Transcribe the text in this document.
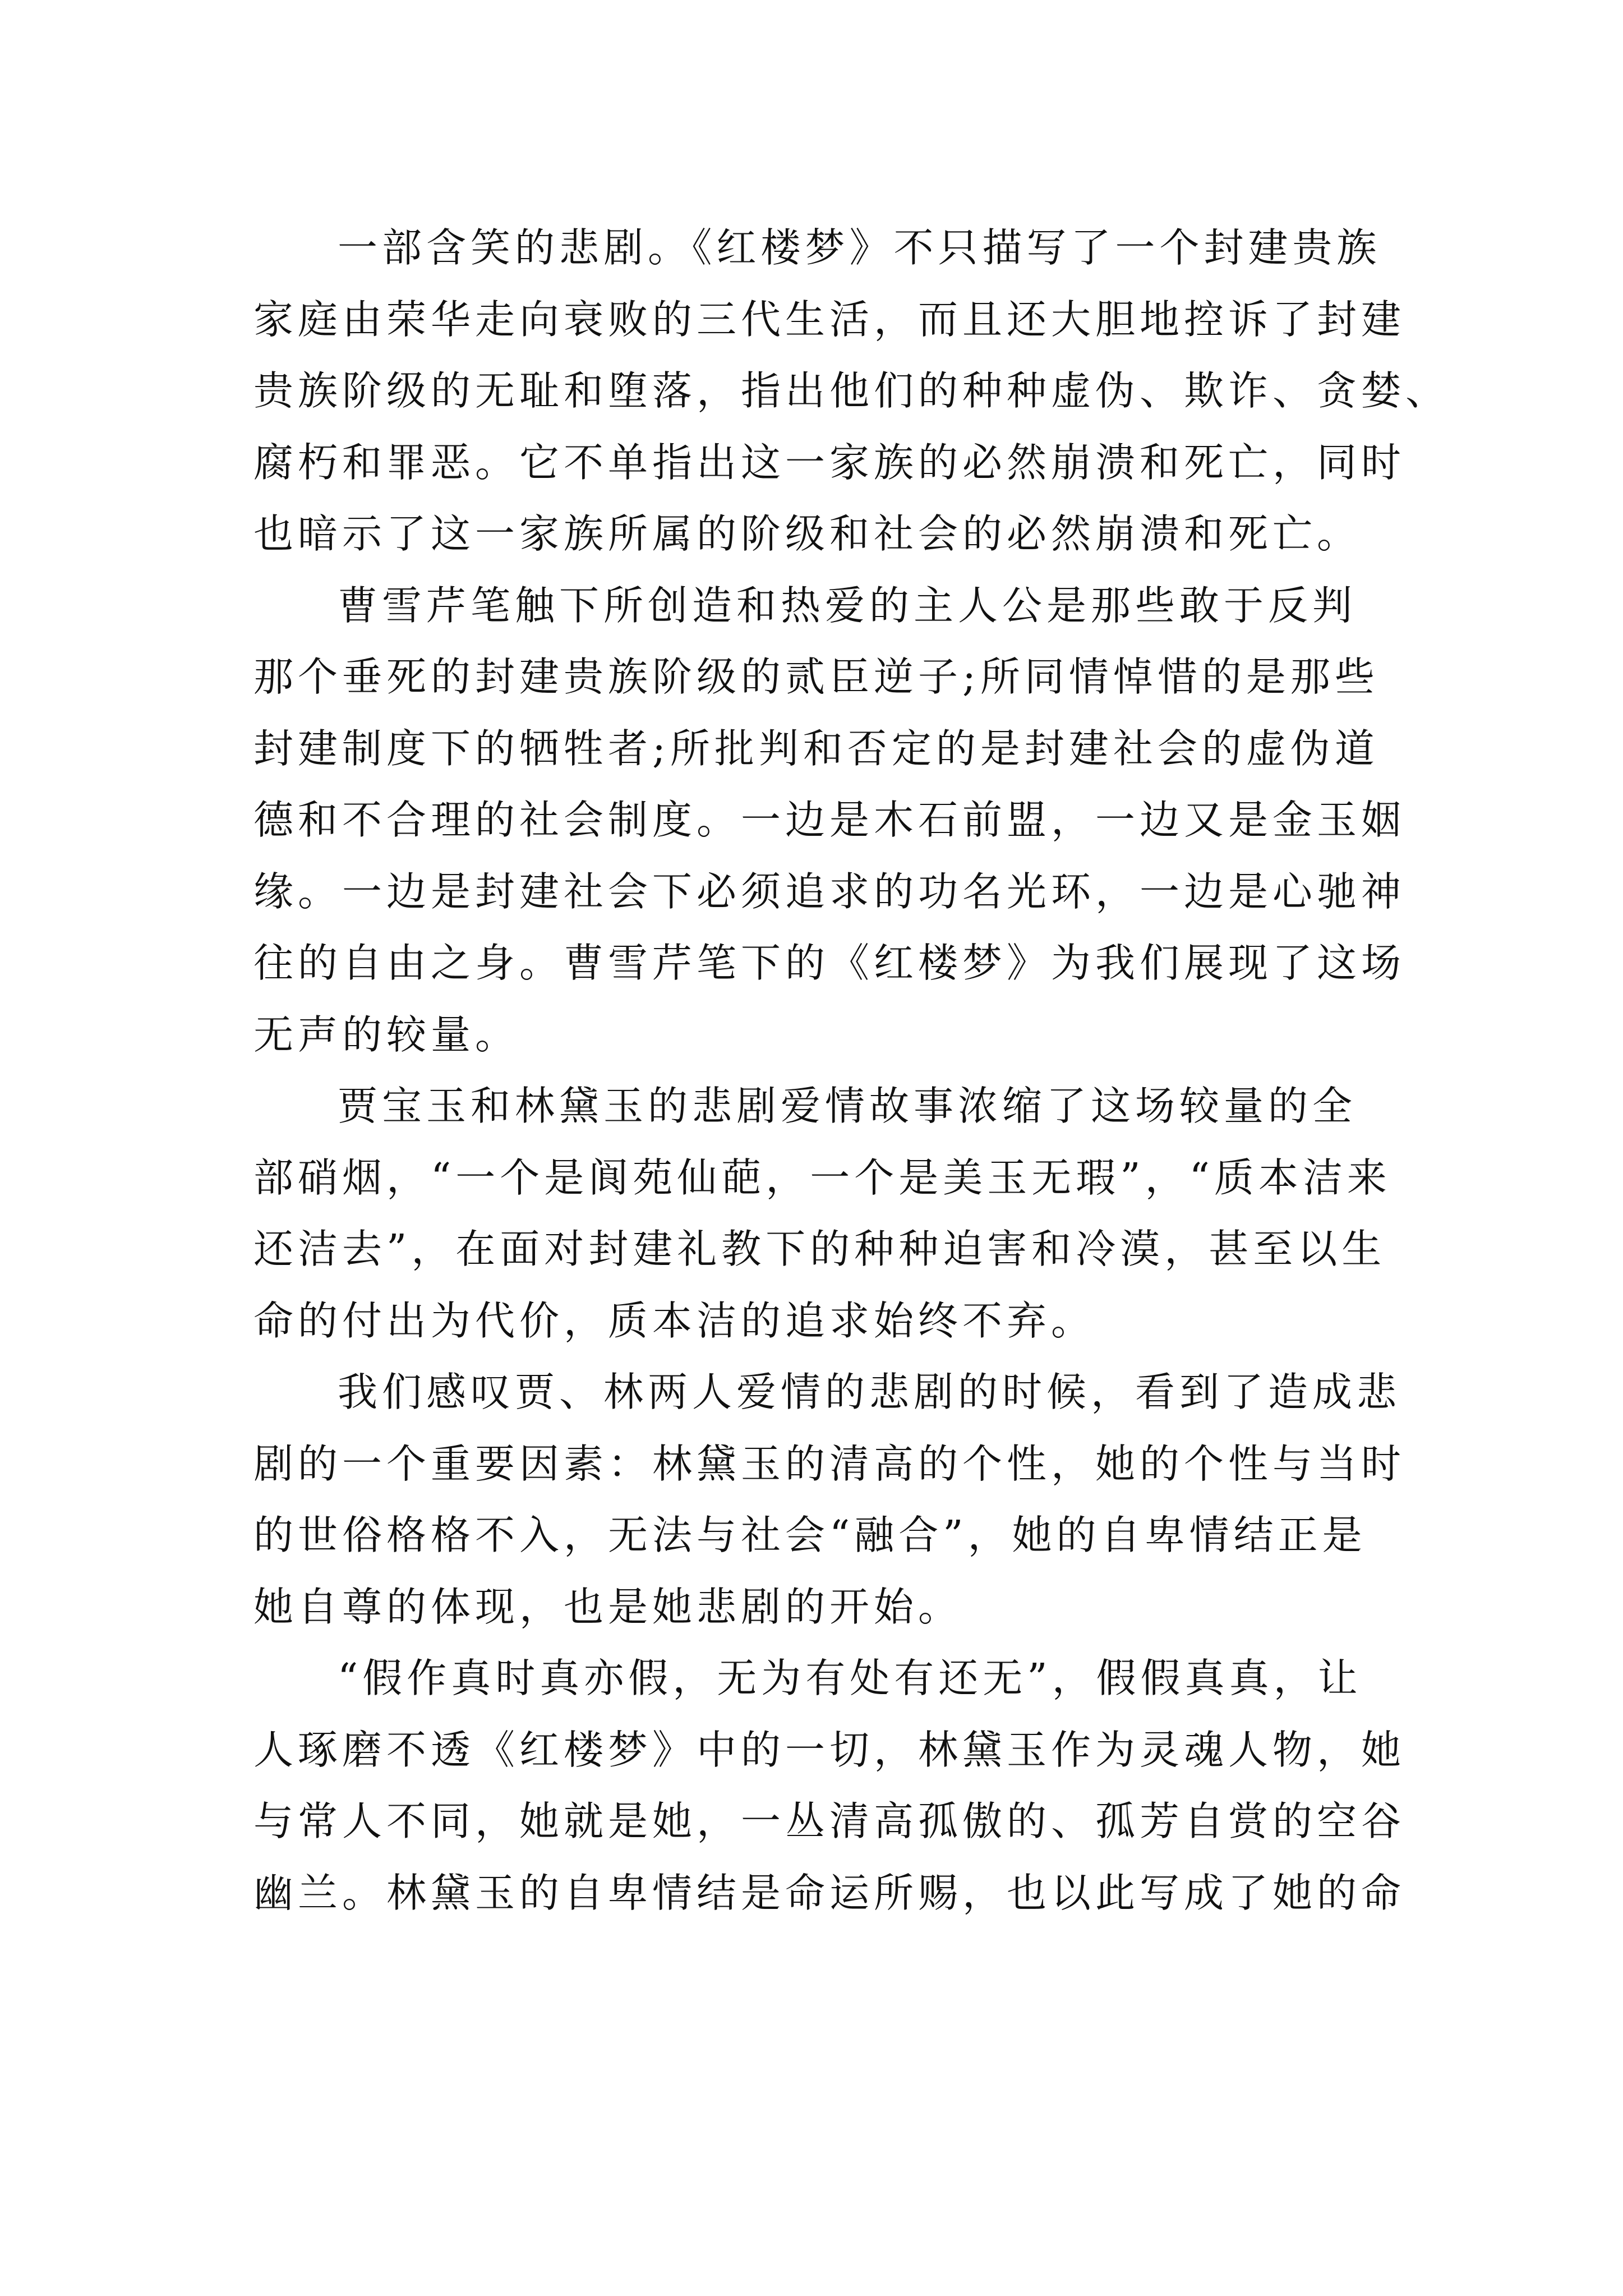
一部含笑的悲剧。《红楼梦》不只描写了一个封建贵族
家庭由荣华走向衰败的三代生活，而且还大胆地控诉了封建
贵族阶级的无耻和堕落，指出他们的种种虚伪、欺诈、贪婪、
腐朽和罪恶。它不单指出这一家族的必然崩溃和死亡，同时
也暗示了这一家族所属的阶级和社会的必然崩溃和死亡。
曹雪芹笔触下所创造和热爱的主人公是那些敢于反判
那个垂死的封建贵族阶级的贰臣逆子;所同情悼惜的是那些
封建制度下的牺牲者;所批判和否定的是封建社会的虚伪道
德和不合理的社会制度。一边是木石前盟，一边又是金玉姻
缘。一边是封建社会下必须追求的功名光环，一边是心驰神
往的自由之身。曹雪芹笔下的《红楼梦》为我们展现了这场
无声的较量。
贾宝玉和林黛玉的悲剧爱情故事浓缩了这场较量的全
部硝烟，“一个是阆苑仙葩，一个是美玉无瑕”，“质本洁来
还洁去”，在面对封建礼教下的种种迫害和冷漠，甚至以生
命的付出为代价，质本洁的追求始终不弃。
我们感叹贾、林两人爱情的悲剧的时候，看到了造成悲
剧的一个重要因素：林黛玉的清高的个性，她的个性与当时
的世俗格格不入，无法与社会“融合”，她的自卑情结正是
她自尊的体现，也是她悲剧的开始。
“假作真时真亦假，无为有处有还无”，假假真真，让
人琢磨不透《红楼梦》中的一切，林黛玉作为灵魂人物，她
与常人不同，她就是她，一丛清高孤傲的、孤芳自赏的空谷
幽兰。林黛玉的自卑情结是命运所赐，也以此写成了她的命
